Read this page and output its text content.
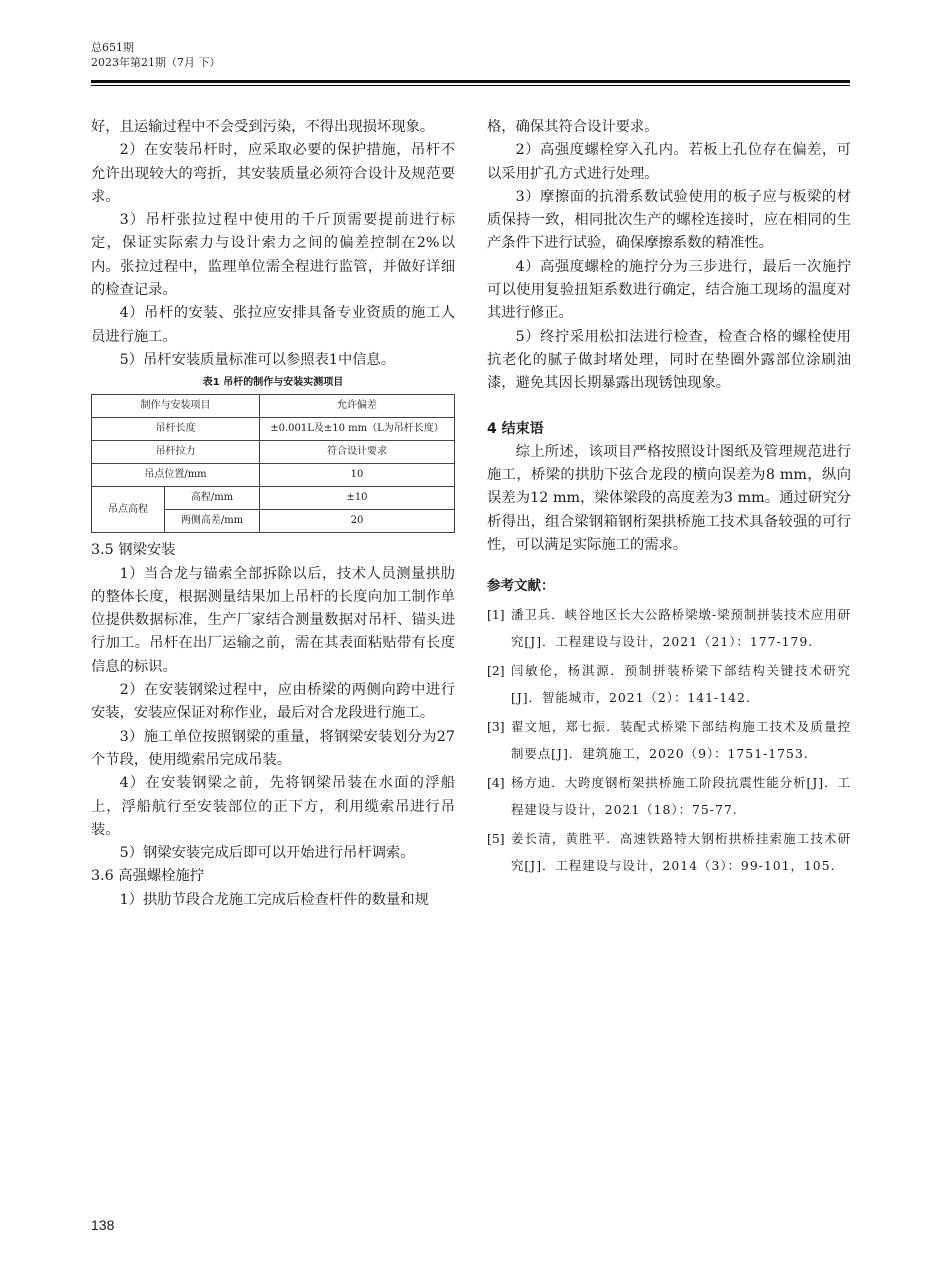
总651期
2023年第21期（7月 下）

好，且运输过程中不会受到污染，不得出现损坏现象。

2）在安装吊杆时，应采取必要的保护措施，吊杆不允许出现较大的弯折，其安装质量必须符合设计及规范要求。

3）吊杆张拉过程中使用的千斤顶需要提前进行标定，保证实际索力与设计索力之间的偏差控制在2%以内。张拉过程中，监理单位需全程进行监管，并做好详细的检查记录。

4）吊杆的安装、张拉应安排具备专业资质的施工人员进行施工。

5）吊杆安装质量标准可以参照表1中信息。

表1 吊杆的制作与安装实测项目
制作与安装项目		允许偏差
吊杆长度		±0.001L及±10 mm（L为吊杆长度）
吊杆拉力		符合设计要求
吊点位置/mm		10
吊点高程	高程/mm	±10
	两侧高差/mm	20

3.5 钢梁安装

1）当合龙与锚索全部拆除以后，技术人员测量拱肋的整体长度，根据测量结果加上吊杆的长度向加工制作单位提供数据标准，生产厂家结合测量数据对吊杆、锚头进行加工。吊杆在出厂运输之前，需在其表面粘贴带有长度信息的标识。

2）在安装钢梁过程中，应由桥梁的两侧向跨中进行安装，安装应保证对称作业，最后对合龙段进行施工。

3）施工单位按照钢梁的重量，将钢梁安装划分为27个节段，使用缆索吊完成吊装。

4）在安装钢梁之前，先将钢梁吊装在水面的浮船上，浮船航行至安装部位的正下方，利用缆索吊进行吊装。

5）钢梁安装完成后即可以开始进行吊杆调索。

3.6 高强螺栓施拧

1）拱肋节段合龙施工完成后检查杆件的数量和规

格，确保其符合设计要求。

2）高强度螺栓穿入孔内。若板上孔位存在偏差，可以采用扩孔方式进行处理。

3）摩擦面的抗滑系数试验使用的板子应与板梁的材质保持一致，相同批次生产的螺栓连接时，应在相同的生产条件下进行试验，确保摩擦系数的精准性。

4）高强度螺栓的施拧分为三步进行，最后一次施拧可以使用复验扭矩系数进行确定，结合施工现场的温度对其进行修正。

5）终拧采用松扣法进行检查，检查合格的螺栓使用抗老化的腻子做封堵处理，同时在垫圈外露部位涂刷油漆，避免其因长期暴露出现锈蚀现象。

4 结束语

综上所述，该项目严格按照设计图纸及管理规范进行施工，桥梁的拱肋下弦合龙段的横向误差为8 mm，纵向误差为12 mm，梁体梁段的高度差为3 mm。通过研究分析得出，组合梁钢箱钢桁架拱桥施工技术具备较强的可行性，可以满足实际施工的需求。

参考文献：

[1] 潘卫兵．峡谷地区长大公路桥梁墩-梁预制拼装技术应用研究[J]．工程建设与设计，2021（21）：177-179.
[2] 闫敏伦，杨淇源．预制拼装桥梁下部结构关键技术研究[J]．智能城市，2021（2）：141-142.
[3] 翟文旭，郑七振．装配式桥梁下部结构施工技术及质量控制要点[J]．建筑施工，2020（9）：1751-1753.
[4] 杨方迪．大跨度钢桁架拱桥施工阶段抗震性能分析[J]．工程建设与设计，2021（18）：75-77.
[5] 姜长清，黄胜平．高速铁路特大钢桁拱桥挂索施工技术研究[J]．工程建设与设计，2014（3）：99-101，105.
138
